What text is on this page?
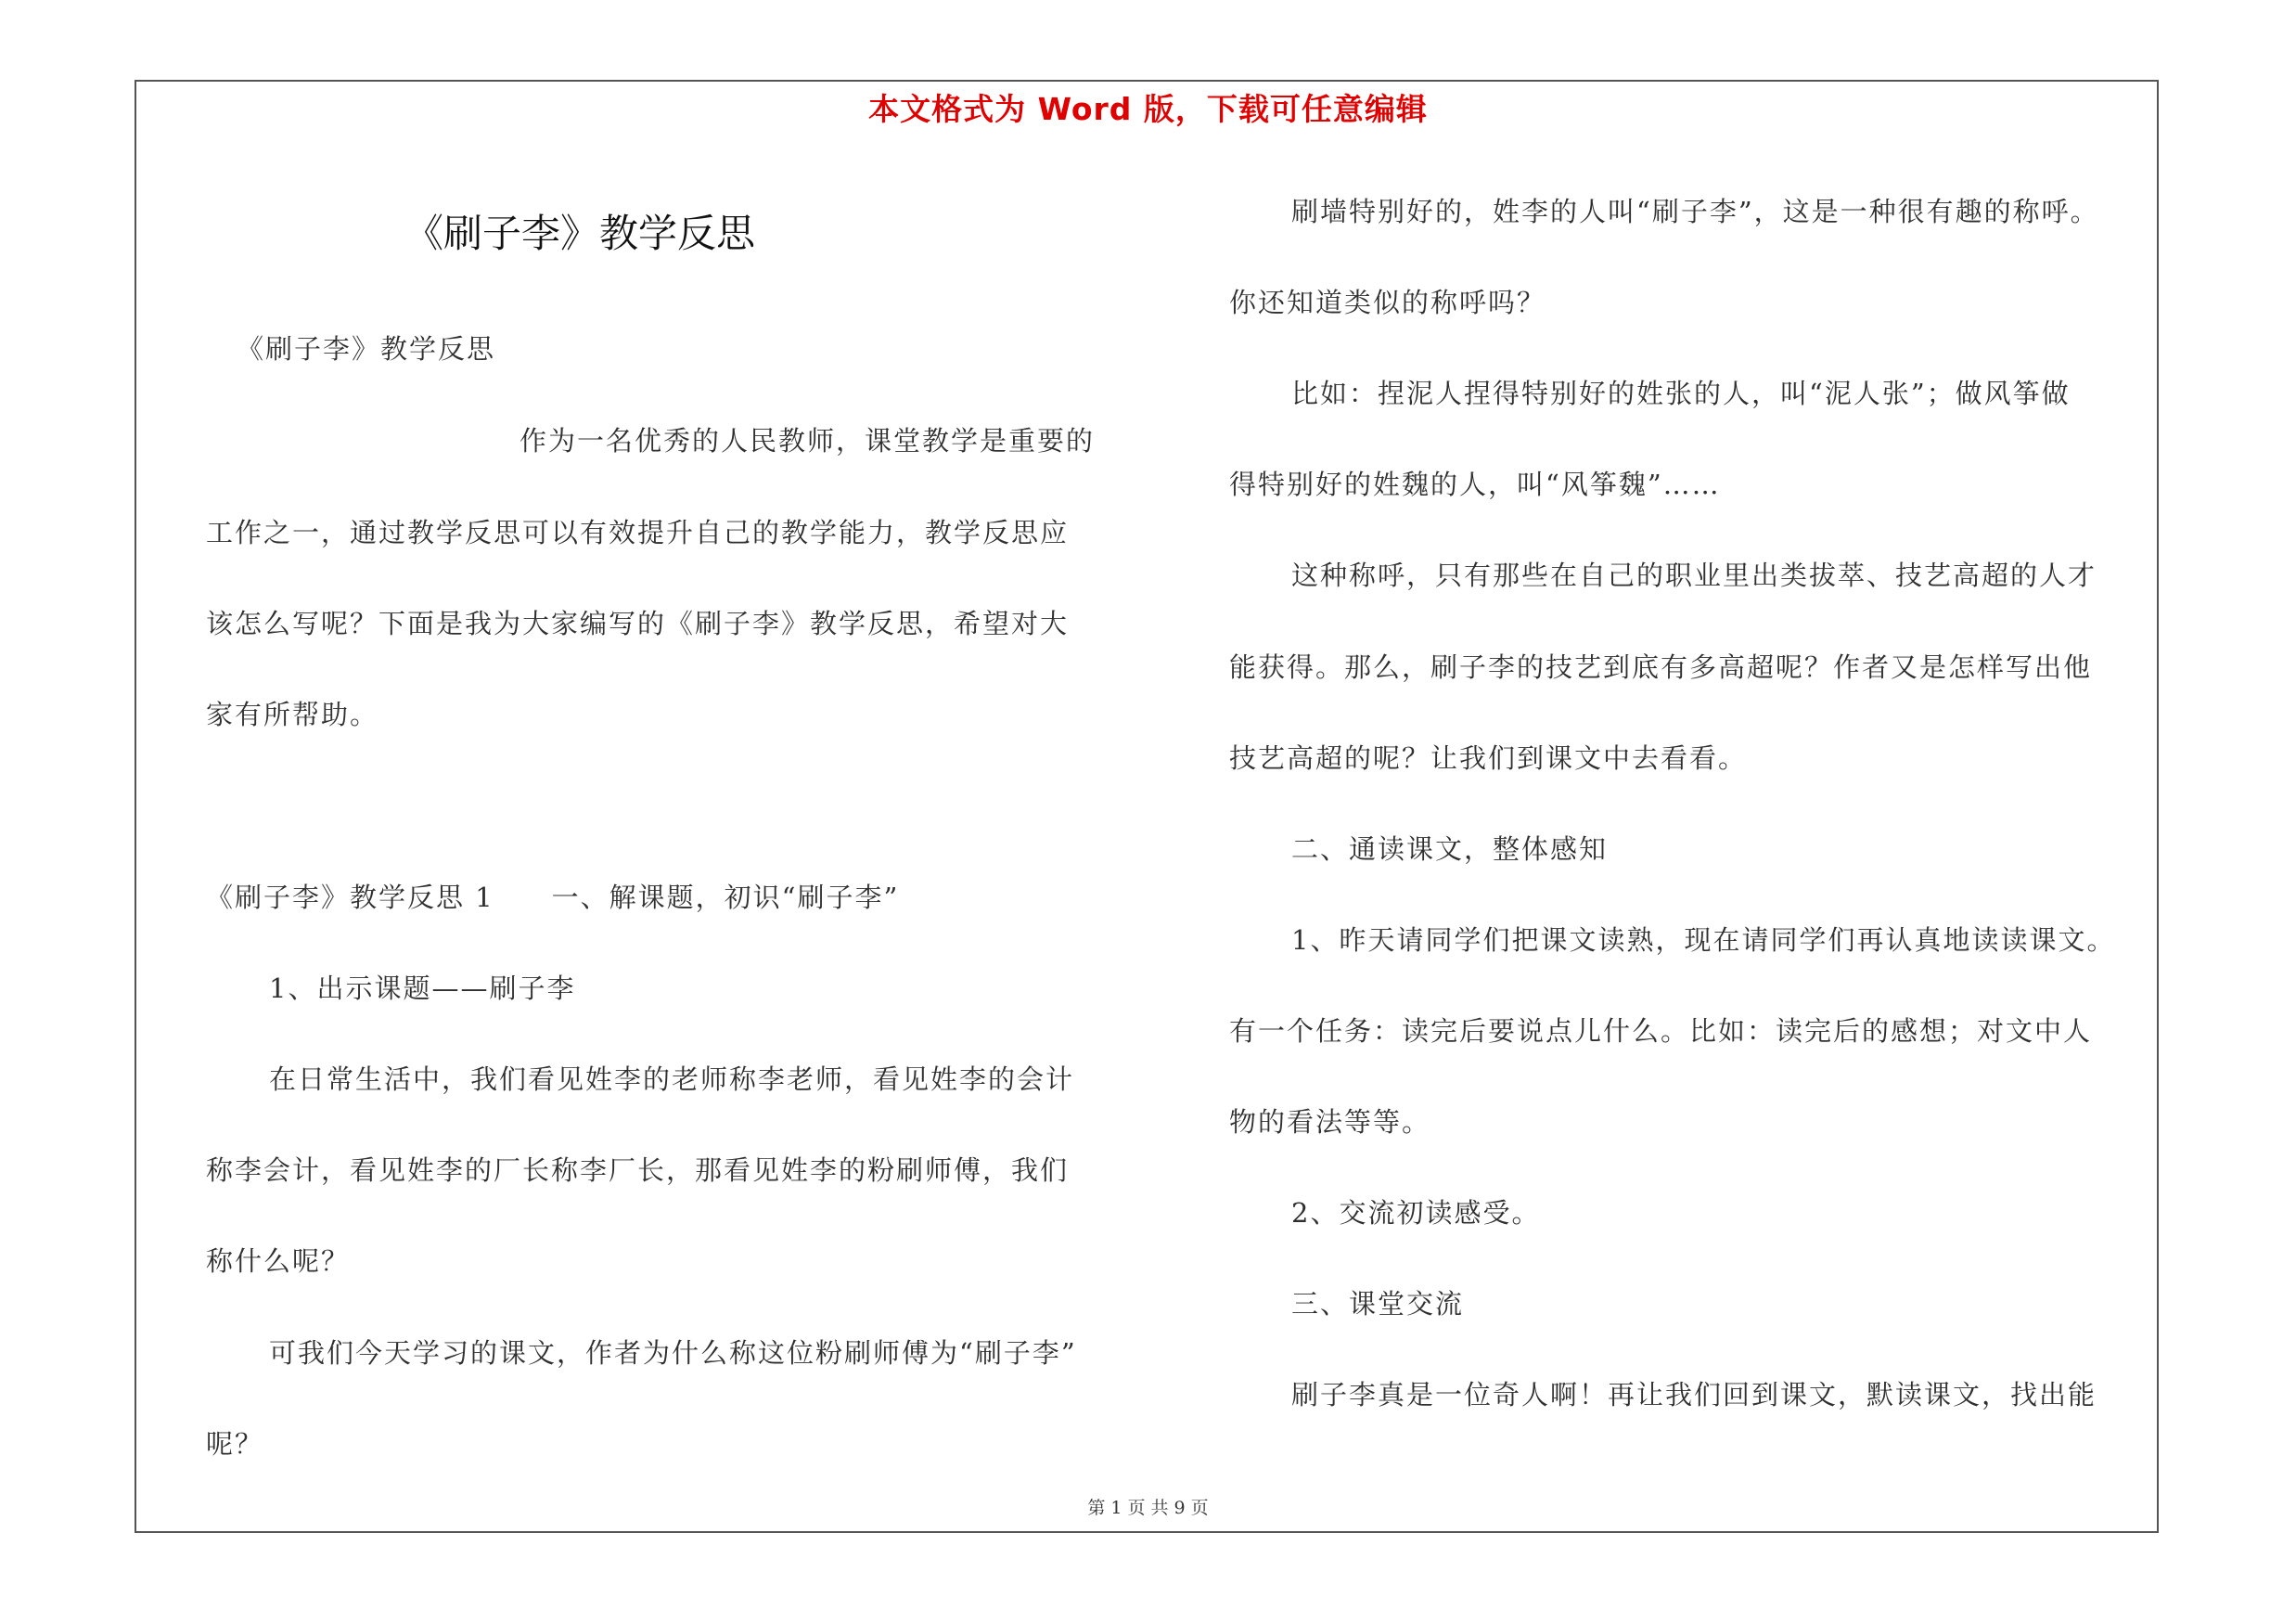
本文格式为 Word 版，下载可任意编辑
《刷子李》教学反思

《刷子李》教学反思

作为一名优秀的人民教师，课堂教学是重要的

工作之一，通过教学反思可以有效提升自己的教学能力，教学反思应

该怎么写呢？下面是我为大家编写的《刷子李》教学反思，希望对大

家有所帮助。

《刷子李》教学反思 1　　一、解课题，初识“刷子李”

1、出示课题——刷子李

在日常生活中，我们看见姓李的老师称李老师，看见姓李的会计

称李会计，看见姓李的厂长称李厂长，那看见姓李的粉刷师傅，我们

称什么呢？

可我们今天学习的课文，作者为什么称这位粉刷师傅为“刷子李”

呢？

刷墙特别好的，姓李的人叫“刷子李”，这是一种很有趣的称呼。

你还知道类似的称呼吗？

比如：捏泥人捏得特别好的姓张的人，叫“泥人张”；做风筝做

得特别好的姓魏的人，叫“风筝魏”……

这种称呼，只有那些在自己的职业里出类拔萃、技艺高超的人才

能获得。那么，刷子李的技艺到底有多高超呢？作者又是怎样写出他

技艺高超的呢？让我们到课文中去看看。

二、通读课文，整体感知

1、昨天请同学们把课文读熟，现在请同学们再认真地读读课文。

有一个任务：读完后要说点儿什么。比如：读完后的感想；对文中人

物的看法等等。

2、交流初读感受。

三、课堂交流

刷子李真是一位奇人啊！再让我们回到课文，默读课文，找出能

第 1 页 共 9 页
